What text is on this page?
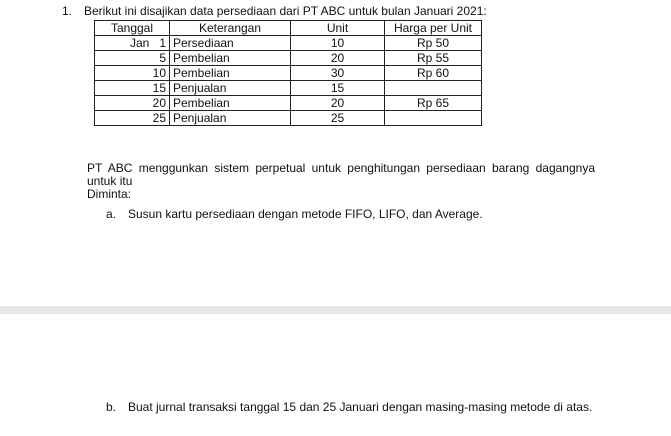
1. Berikut ini disajikan data persediaan dari PT ABC untuk bulan Januari 2021:
Tanggal	Keterangan	Unit	Harga per Unit
Jan 1	Persediaan	10	Rp 50
5	Pembelian	20	Rp 55
10	Pembelian	30	Rp 60
15	Penjualan	15	
20	Pembelian	20	Rp 65
25	Penjualan	25	
PT ABC menggunkan sistem perpetual untuk penghitungan persediaan barang dagangnya untuk itu
Diminta:
a. Susun kartu persediaan dengan metode FIFO, LIFO, dan Average.
b. Buat jurnal transaksi tanggal 15 dan 25 Januari dengan masing-masing metode di atas.
